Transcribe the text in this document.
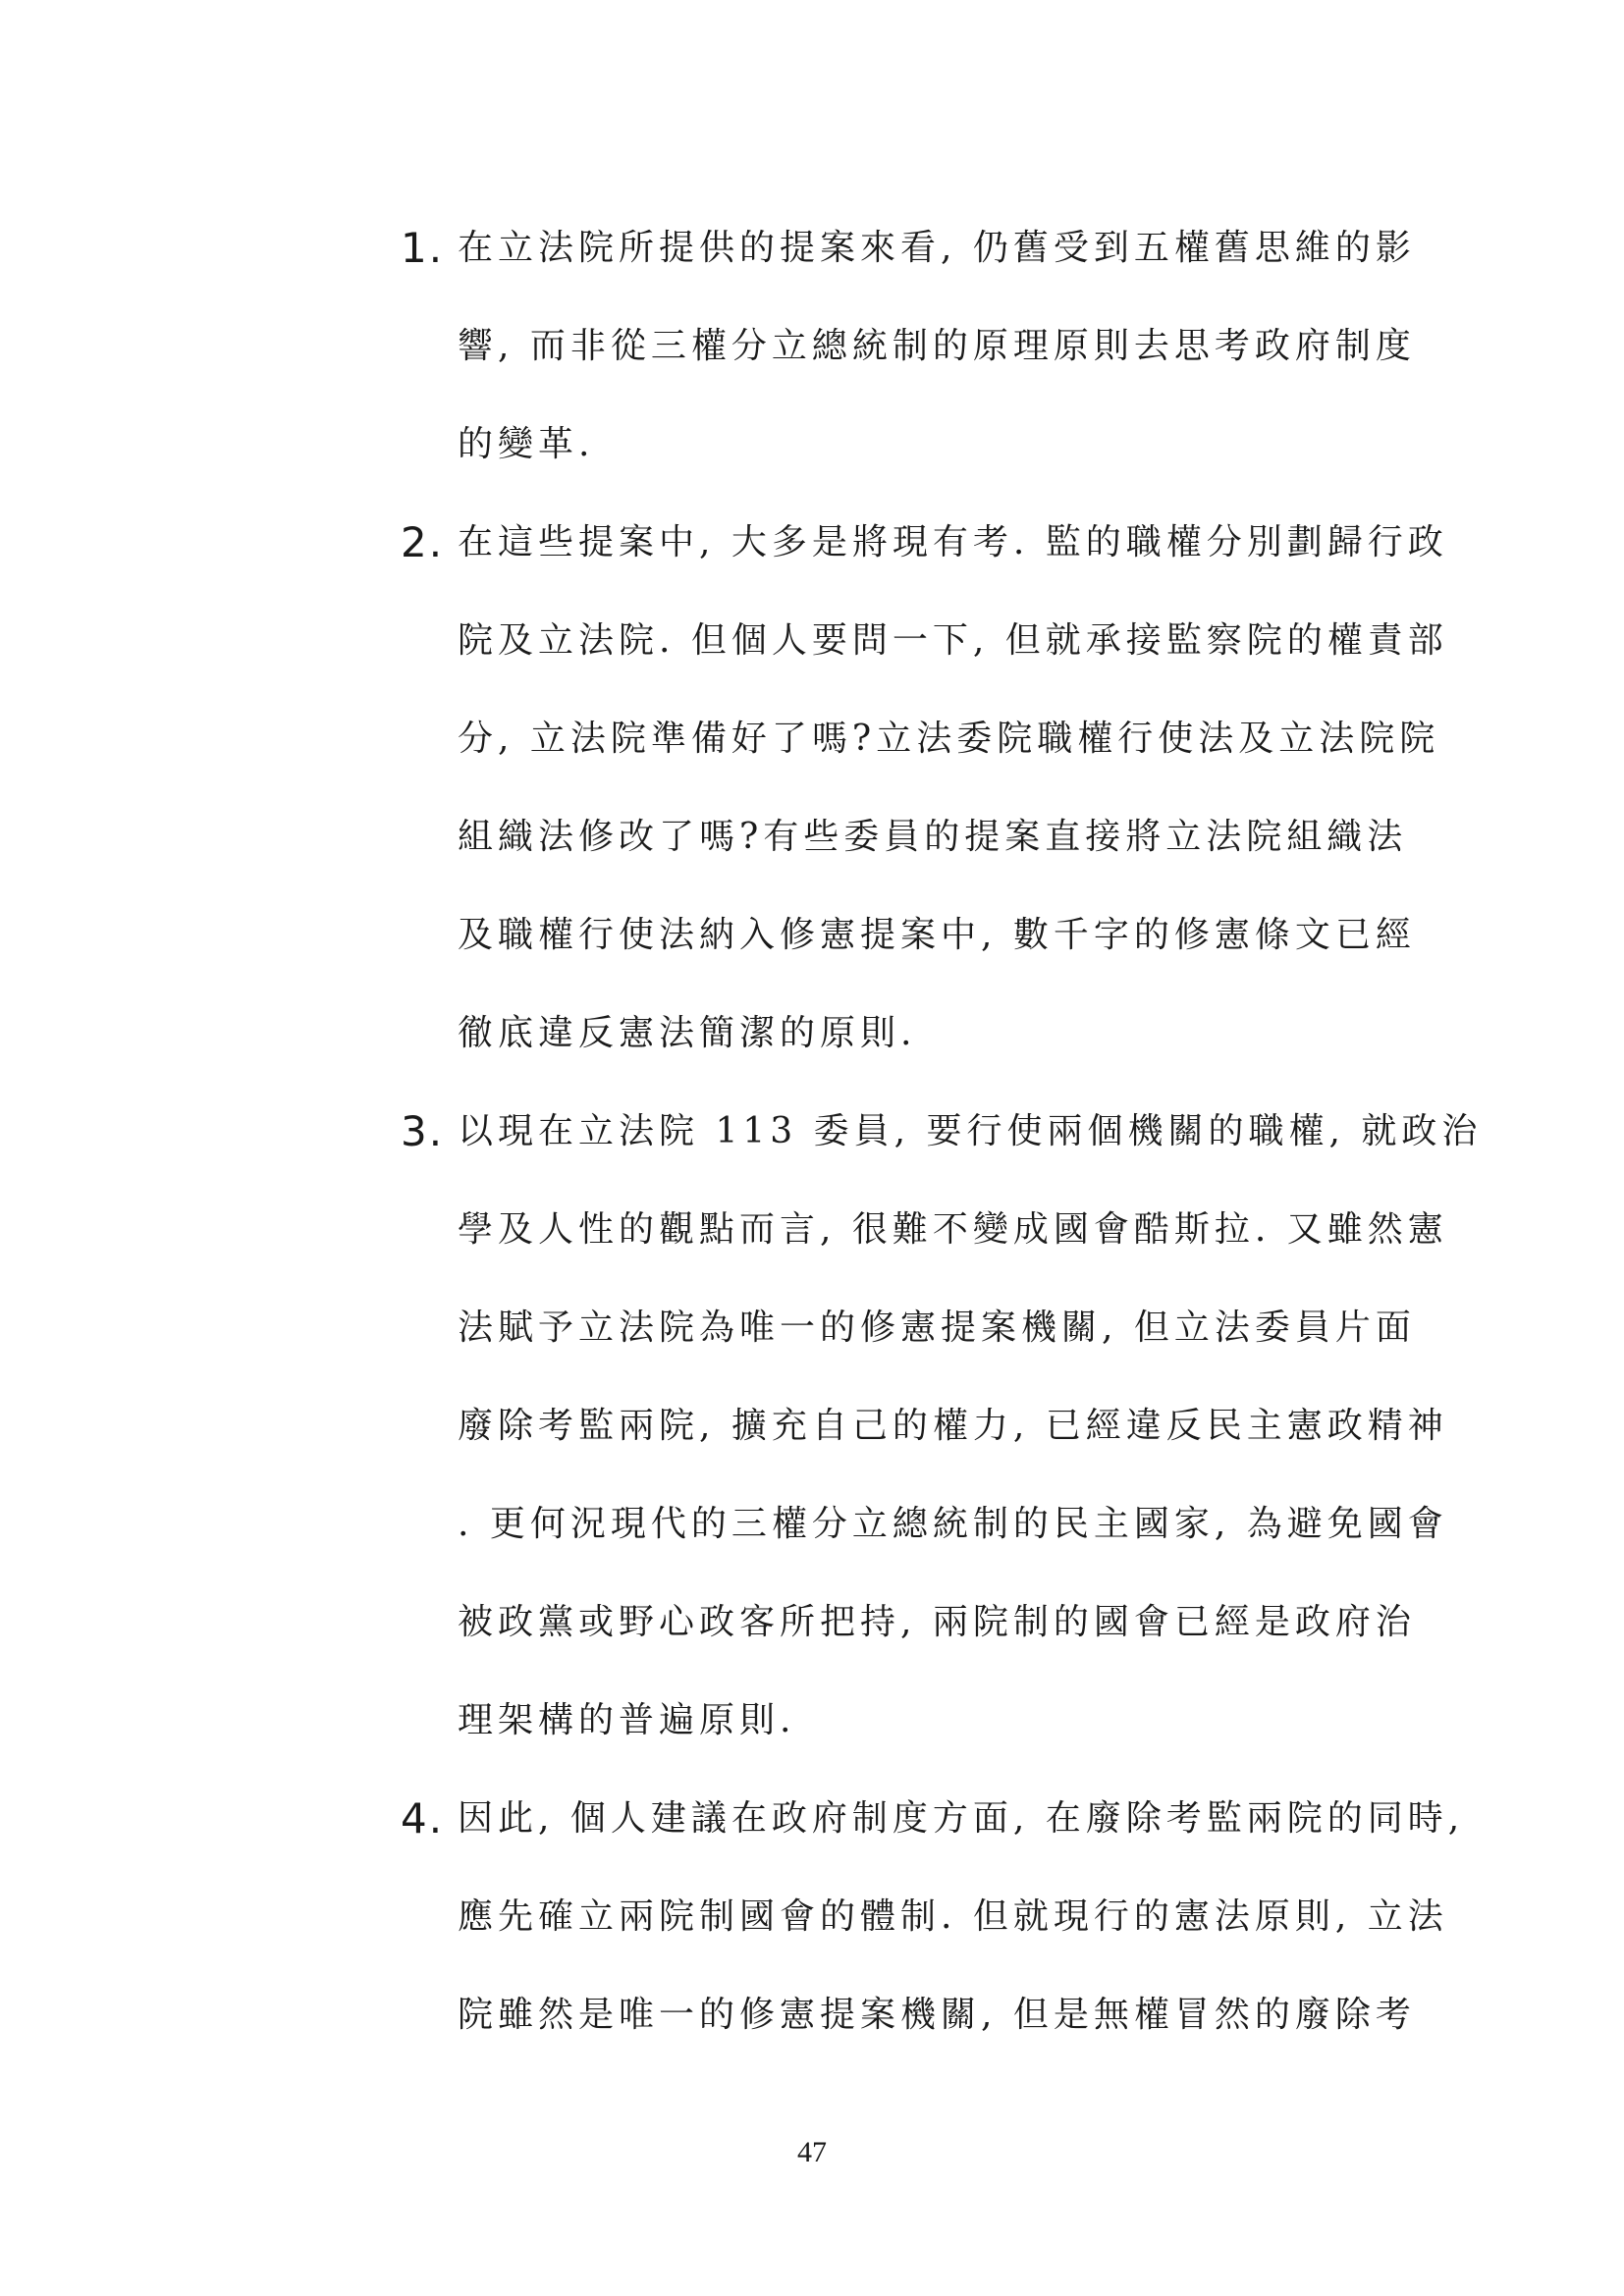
1. 在立法院所提供的提案來看, 仍舊受到五權舊思維的影
響, 而非從三權分立總統制的原理原則去思考政府制度
的變革.
2. 在這些提案中, 大多是將現有考. 監的職權分別劃歸行政
院及立法院. 但個人要問一下, 但就承接監察院的權責部
分, 立法院準備好了嗎?立法委院職權行使法及立法院院
組織法修改了嗎?有些委員的提案直接將立法院組織法
及職權行使法納入修憲提案中, 數千字的修憲條文已經
徹底違反憲法簡潔的原則.
3. 以現在立法院 113 委員, 要行使兩個機關的職權, 就政治
學及人性的觀點而言, 很難不變成國會酷斯拉. 又雖然憲
法賦予立法院為唯一的修憲提案機關, 但立法委員片面
廢除考監兩院, 擴充自己的權力, 已經違反民主憲政精神
. 更何況現代的三權分立總統制的民主國家, 為避免國會
被政黨或野心政客所把持, 兩院制的國會已經是政府治
理架構的普遍原則.
4. 因此, 個人建議在政府制度方面, 在廢除考監兩院的同時,
應先確立兩院制國會的體制. 但就現行的憲法原則, 立法
院雖然是唯一的修憲提案機關, 但是無權冒然的廢除考
47
